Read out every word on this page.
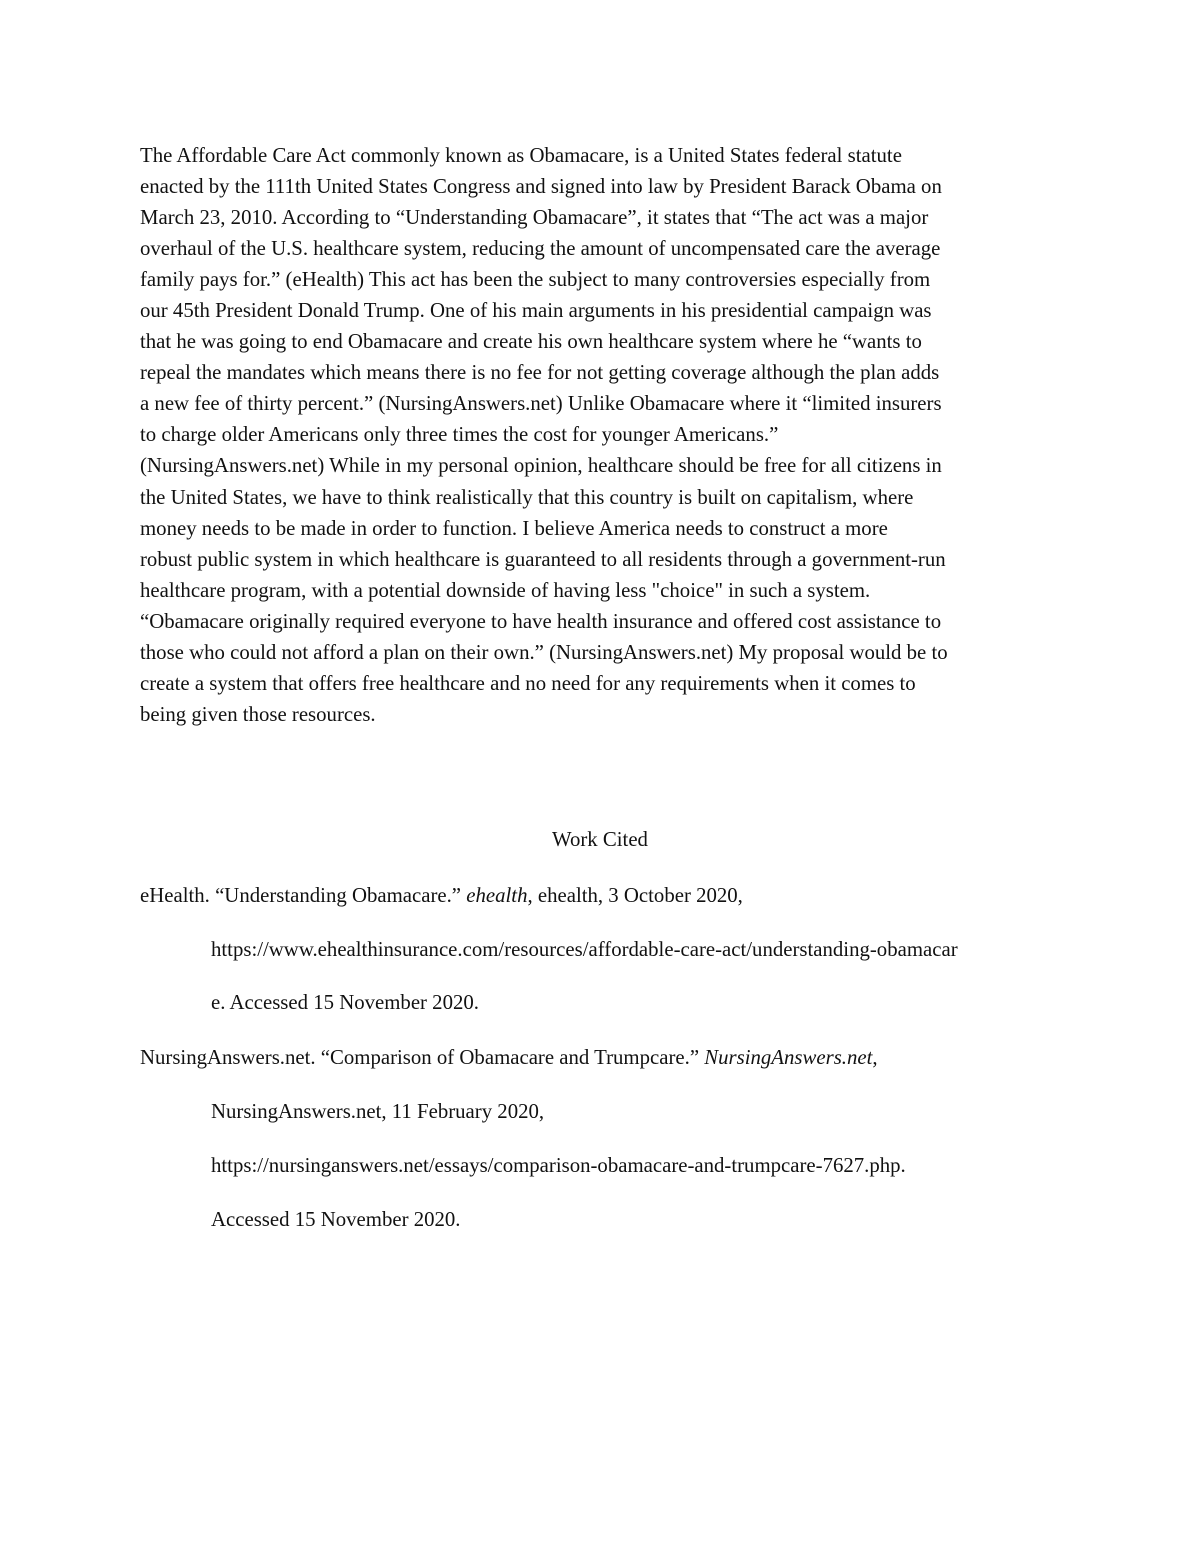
The Affordable Care Act commonly known as Obamacare, is a United States federal statute
enacted by the 111th United States Congress and signed into law by President Barack Obama on
March 23, 2010. According to “Understanding Obamacare”, it states that “The act was a major
overhaul of the U.S. healthcare system, reducing the amount of uncompensated care the average
family pays for.” (eHealth) This act has been the subject to many controversies especially from
our 45th President Donald Trump. One of his main arguments in his presidential campaign was
that he was going to end Obamacare and create his own healthcare system where he “wants to
repeal the mandates which means there is no fee for not getting coverage although the plan adds
a new fee of thirty percent.” (NursingAnswers.net) Unlike Obamacare where it “limited insurers
to charge older Americans only three times the cost for younger Americans.”
(NursingAnswers.net) While in my personal opinion, healthcare should be free for all citizens in
the United States, we have to think realistically that this country is built on capitalism, where
money needs to be made in order to function. I believe America needs to construct a more
robust public system in which healthcare is guaranteed to all residents through a government-run
healthcare program, with a potential downside of having less "choice" in such a system.
“Obamacare originally required everyone to have health insurance and offered cost assistance to
those who could not afford a plan on their own.” (NursingAnswers.net) My proposal would be to
create a system that offers free healthcare and no need for any requirements when it comes to
being given those resources.

Work Cited

eHealth. “Understanding Obamacare.” ehealth, ehealth, 3 October 2020,

https://www.ehealthinsurance.com/resources/affordable-care-act/understanding-obamacar

e. Accessed 15 November 2020.

NursingAnswers.net. “Comparison of Obamacare and Trumpcare.” NursingAnswers.net,

NursingAnswers.net, 11 February 2020,

https://nursinganswers.net/essays/comparison-obamacare-and-trumpcare-7627.php.

Accessed 15 November 2020.
